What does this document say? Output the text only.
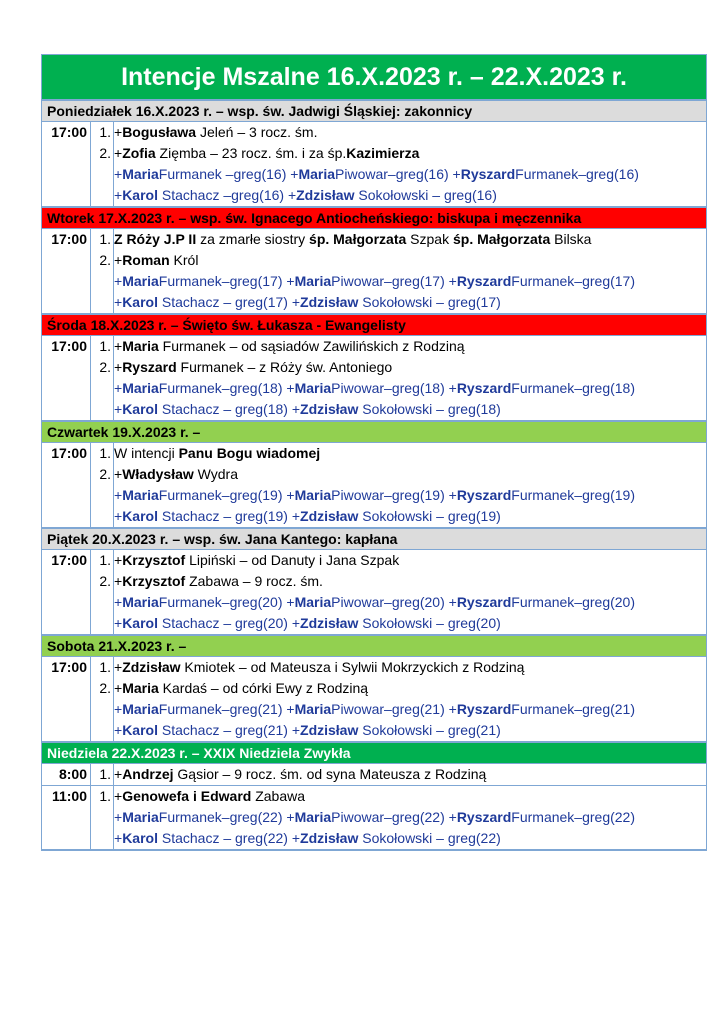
Intencje Mszalne 16.X.2023 r. – 22.X.2023 r.
Poniedziałek 16.X.2023 r. – wsp. św. Jadwigi Śląskiej: zakonnicy
17:00 1. +Bogusława Jeleń – 3 rocz. śm.
2. +Zofia Zięmba – 23 rocz. śm. i za śp.Kazimierza
+MariaFurmanek –greg(16) +MariaPiwowar–greg(16) +RyszardFurmanek–greg(16)
+Karol Stachacz –greg(16) +Zdzisław Sokołowski – greg(16)
Wtorek 17.X.2023 r. – wsp. św. Ignacego Antiocheńskiego: biskupa i męczennika
17:00 1. Z Róży J.P II za zmarłe siostry śp. Małgorzata Szpak śp. Małgorzata Bilska
2. +Roman Król
+MariaFurmanek–greg(17) +MariaPiwowar–greg(17) +RyszardFurmanek–greg(17)
+Karol Stachacz – greg(17) +Zdzisław Sokołowski – greg(17)
Środa 18.X.2023 r. – Święto św. Łukasza - Ewangelisty
17:00 1. +Maria Furmanek – od sąsiadów Zawilińskich z Rodziną
2. +Ryszard Furmanek – z Róży św. Antoniego
+MariaFurmanek–greg(18) +MariaPiwowar–greg(18) +RyszardFurmanek–greg(18)
+Karol Stachacz – greg(18) +Zdzisław Sokołowski – greg(18)
Czwartek 19.X.2023 r. –
17:00 1. W intencji Panu Bogu wiadomej
2. +Władysław Wydra
+MariaFurmanek–greg(19) +MariaPiwowar–greg(19) +RyszardFurmanek–greg(19)
+Karol Stachacz – greg(19) +Zdzisław Sokołowski – greg(19)
Piątek 20.X.2023 r. – wsp. św. Jana Kantego: kapłana
17:00 1. +Krzysztof Lipiński – od Danuty i Jana Szpak
2. +Krzysztof Zabawa – 9 rocz. śm.
+MariaFurmanek–greg(20) +MariaPiwowar–greg(20) +RyszardFurmanek–greg(20)
+Karol Stachacz – greg(20) +Zdzisław Sokołowski – greg(20)
Sobota 21.X.2023 r. –
17:00 1. +Zdzisław Kmiotek – od Mateusza i Sylwii Mokrzyckich z Rodziną
2. +Maria Kardaś – od córki Ewy z Rodziną
+MariaFurmanek–greg(21) +MariaPiwowar–greg(21) +RyszardFurmanek–greg(21)
+Karol Stachacz – greg(21) +Zdzisław Sokołowski – greg(21)
Niedziela 22.X.2023 r. – XXIX Niedziela Zwykła
8:00 1. +Andrzej Gąsior – 9 rocz. śm. od syna Mateusza z Rodziną
11:00 1. +Genowefa i Edward Zabawa
+MariaFurmanek–greg(22) +MariaPiwowar–greg(22) +RyszardFurmanek–greg(22)
+Karol Stachacz – greg(22) +Zdzisław Sokołowski – greg(22)
